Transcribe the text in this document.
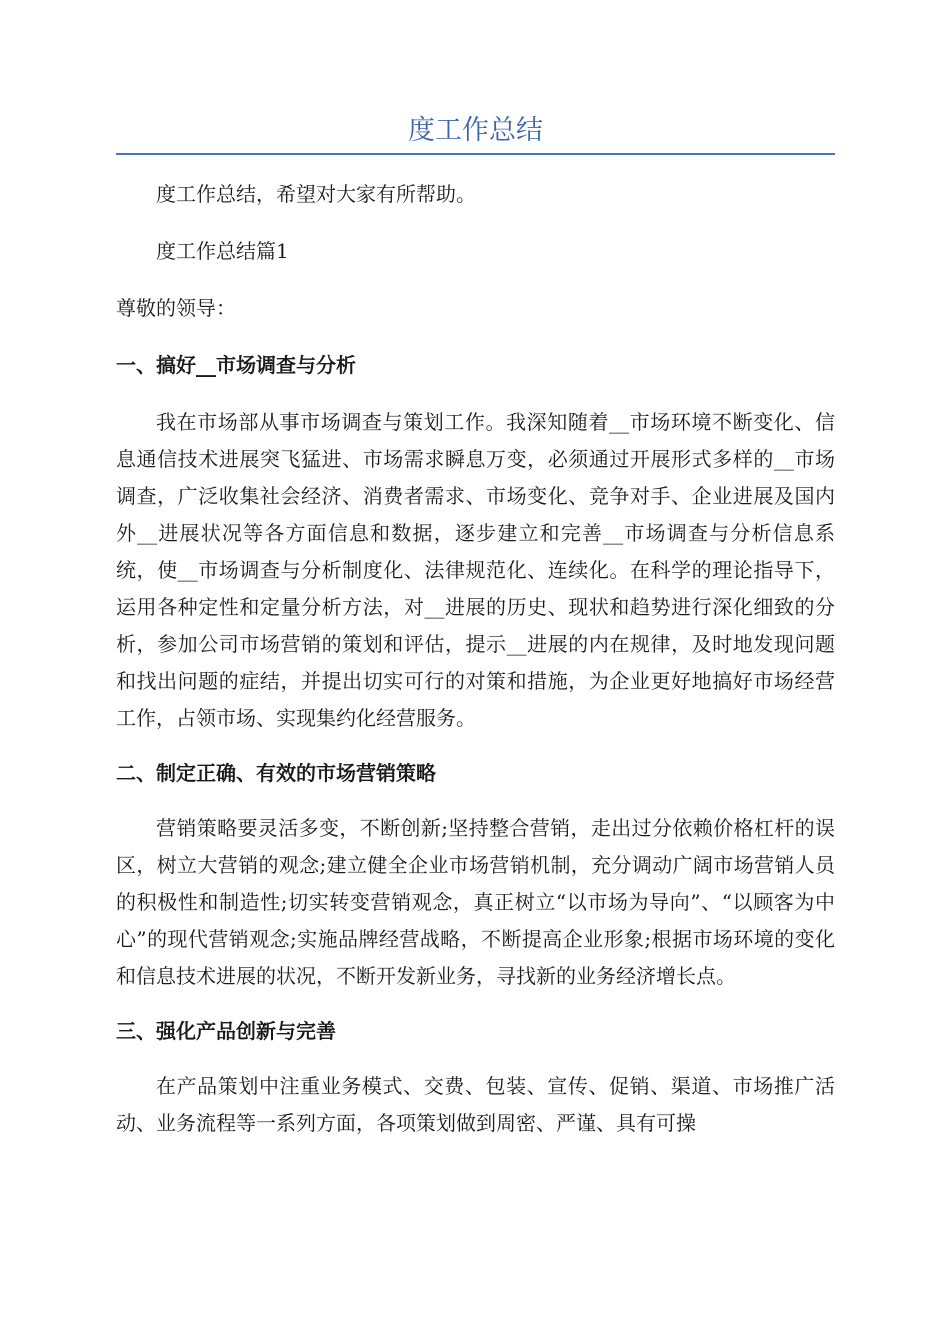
度工作总结

度工作总结，希望对大家有所帮助。

度工作总结篇1

尊敬的领导：

一、搞好__市场调查与分析

我在市场部从事市场调查与策划工作。我深知随着__市场环境不断变化、信息通信技术进展突飞猛进、市场需求瞬息万变，必须通过开展形式多样的__市场调查，广泛收集社会经济、消费者需求、市场变化、竞争对手、企业进展及国内外__进展状况等各方面信息和数据，逐步建立和完善__市场调查与分析信息系统，使__市场调查与分析制度化、法律规范化、连续化。在科学的理论指导下，运用各种定性和定量分析方法，对__进展的历史、现状和趋势进行深化细致的分析，参加公司市场营销的策划和评估，提示__进展的内在规律，及时地发现问题和找出问题的症结，并提出切实可行的对策和措施，为企业更好地搞好市场经营工作，占领市场、实现集约化经营服务。

二、制定正确、有效的市场营销策略

营销策略要灵活多变，不断创新;坚持整合营销，走出过分依赖价格杠杆的误区，树立大营销的观念;建立健全企业市场营销机制，充分调动广阔市场营销人员的积极性和制造性;切实转变营销观念，真正树立“以市场为导向”、“以顾客为中心”的现代营销观念;实施品牌经营战略，不断提高企业形象;根据市场环境的变化和信息技术进展的状况，不断开发新业务，寻找新的业务经济增长点。

三、强化产品创新与完善

在产品策划中注重业务模式、交费、包装、宣传、促销、渠道、市场推广活动、业务流程等一系列方面，各项策划做到周密、严谨、具有可操
